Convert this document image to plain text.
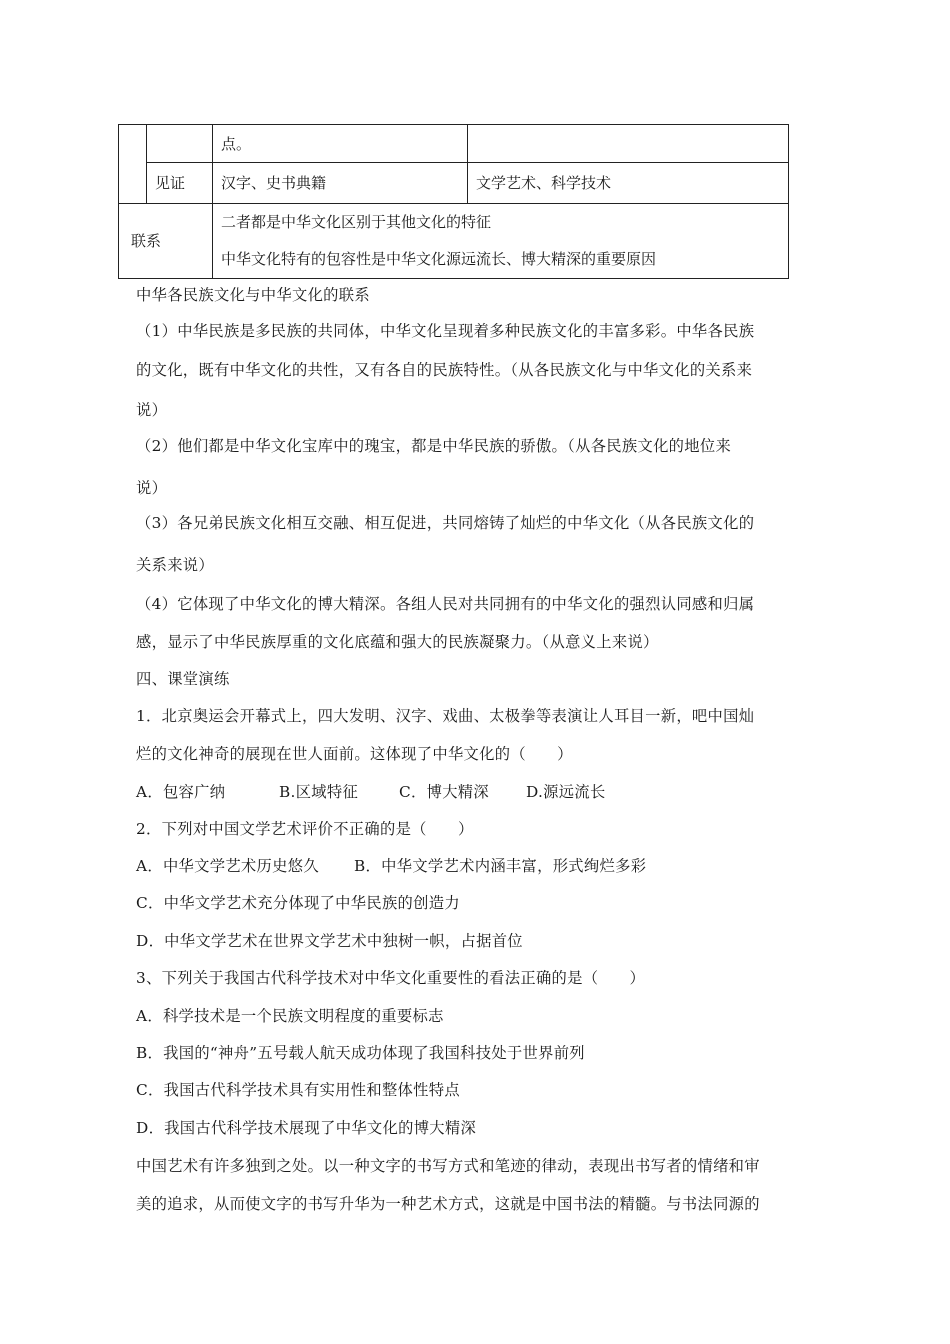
		点。	
	见证	汉字、史书典籍	文学艺术、科学技术
联系		二者都是中华文化区别于其他文化的特征
中华文化特有的包容性是中华文化源远流长、博大精深的重要原因	
中华各民族文化与中华文化的联系
（1）中华民族是多民族的共同体，中华文化呈现着多种民族文化的丰富多彩。中华各民族
的文化，既有中华文化的共性，又有各自的民族特性。（从各民族文化与中华文化的关系来
说）
（2）他们都是中华文化宝库中的瑰宝，都是中华民族的骄傲。（从各民族文化的地位来
说）
（3）各兄弟民族文化相互交融、相互促进，共同熔铸了灿烂的中华文化（从各民族文化的
关系来说）
（4）它体现了中华文化的博大精深。各组人民对共同拥有的中华文化的强烈认同感和归属
感，显示了中华民族厚重的文化底蕴和强大的民族凝聚力。（从意义上来说）
四、课堂演练
1．北京奥运会开幕式上，四大发明、汉字、戏曲、太极拳等表演让人耳目一新，吧中国灿
烂的文化神奇的展现在世人面前。这体现了中华文化的（　　）
A．包容广纳	B.区域特征	C．博大精深 D.源远流长
2．下列对中国文学艺术评价不正确的是（　　）
A．中华文学艺术历史悠久 B．中华文学艺术内涵丰富，形式绚烂多彩
C．中华文学艺术充分体现了中华民族的创造力
D．中华文学艺术在世界文学艺术中独树一帜，占据首位
3、下列关于我国古代科学技术对中华文化重要性的看法正确的是（　　）
A．科学技术是一个民族文明程度的重要标志
B．我国的“神舟”五号载人航天成功体现了我国科技处于世界前列
C．我国古代科学技术具有实用性和整体性特点
D．我国古代科学技术展现了中华文化的博大精深
中国艺术有许多独到之处。以一种文字的书写方式和笔迹的律动，表现出书写者的情绪和审
美的追求，从而使文字的书写升华为一种艺术方式，这就是中国书法的精髓。与书法同源的
